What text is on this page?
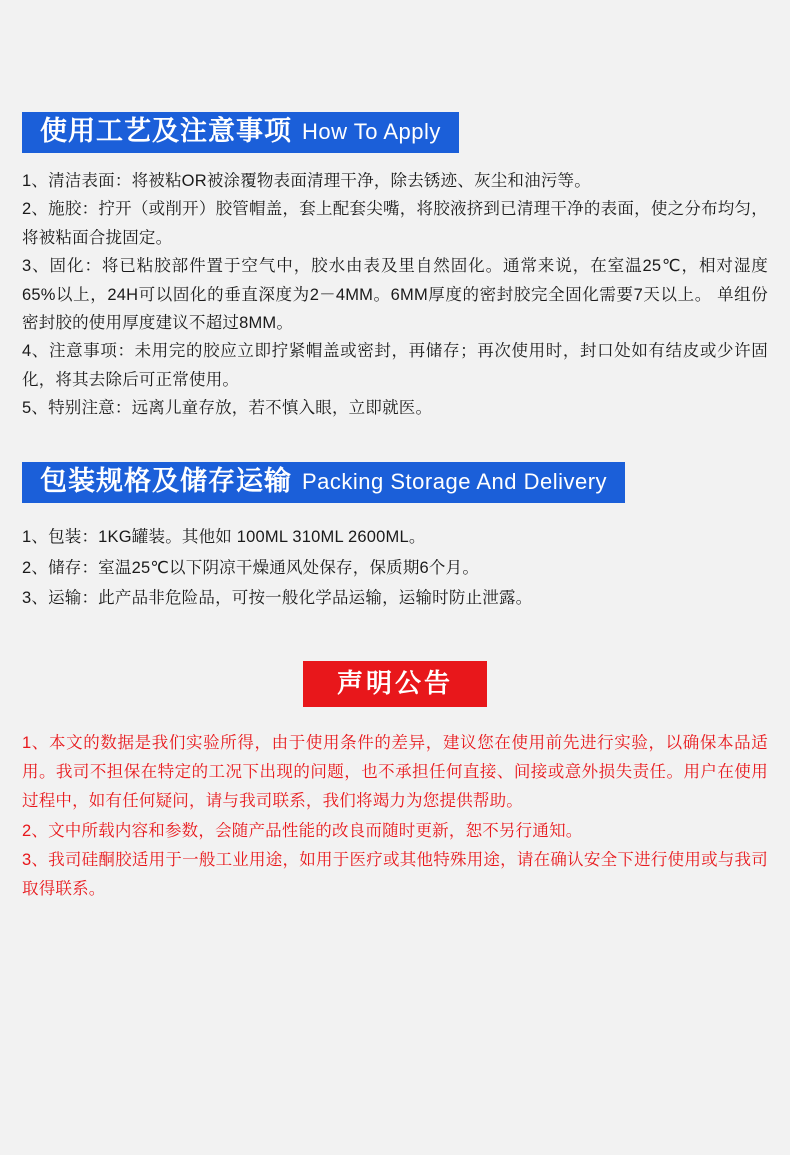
使用工艺及注意事项 How To Apply

1、清洁表面：将被粘OR被涂覆物表面清理干净，除去锈迹、灰尘和油污等。

2、施胶：拧开（或削开）胶管帽盖，套上配套尖嘴，将胶液挤到已清理干净的表面，使之分布均匀，将被粘面合拢固定。

3、固化：将已粘胶部件置于空气中，胶水由表及里自然固化。通常来说，在室温25℃，相对湿度65%以上，24H可以固化的垂直深度为2－4MM。6MM厚度的密封胶完全固化需要7天以上。 单组份密封胶的使用厚度建议不超过8MM。

4、注意事项：未用完的胶应立即拧紧帽盖或密封，再储存；再次使用时，封口处如有结皮或少许固化，将其去除后可正常使用。

5、特别注意：远离儿童存放，若不慎入眼，立即就医。

包装规格及储存运输 Packing Storage And Delivery

1、包装：1KG罐装。其他如 100ML 310ML 2600ML。

2、储存：室温25℃以下阴凉干燥通风处保存，保质期6个月。

3、运输：此产品非危险品，可按一般化学品运输，运输时防止泄露。

声明公告

1、本文的数据是我们实验所得，由于使用条件的差异，建议您在使用前先进行实验，以确保本品适用。我司不担保在特定的工况下出现的问题，也不承担任何直接、间接或意外损失责任。用户在使用过程中，如有任何疑问，请与我司联系，我们将竭力为您提供帮助。

2、文中所载内容和参数，会随产品性能的改良而随时更新，恕不另行通知。

3、我司硅酮胶适用于一般工业用途，如用于医疗或其他特殊用途，请在确认安全下进行使用或与我司取得联系。
